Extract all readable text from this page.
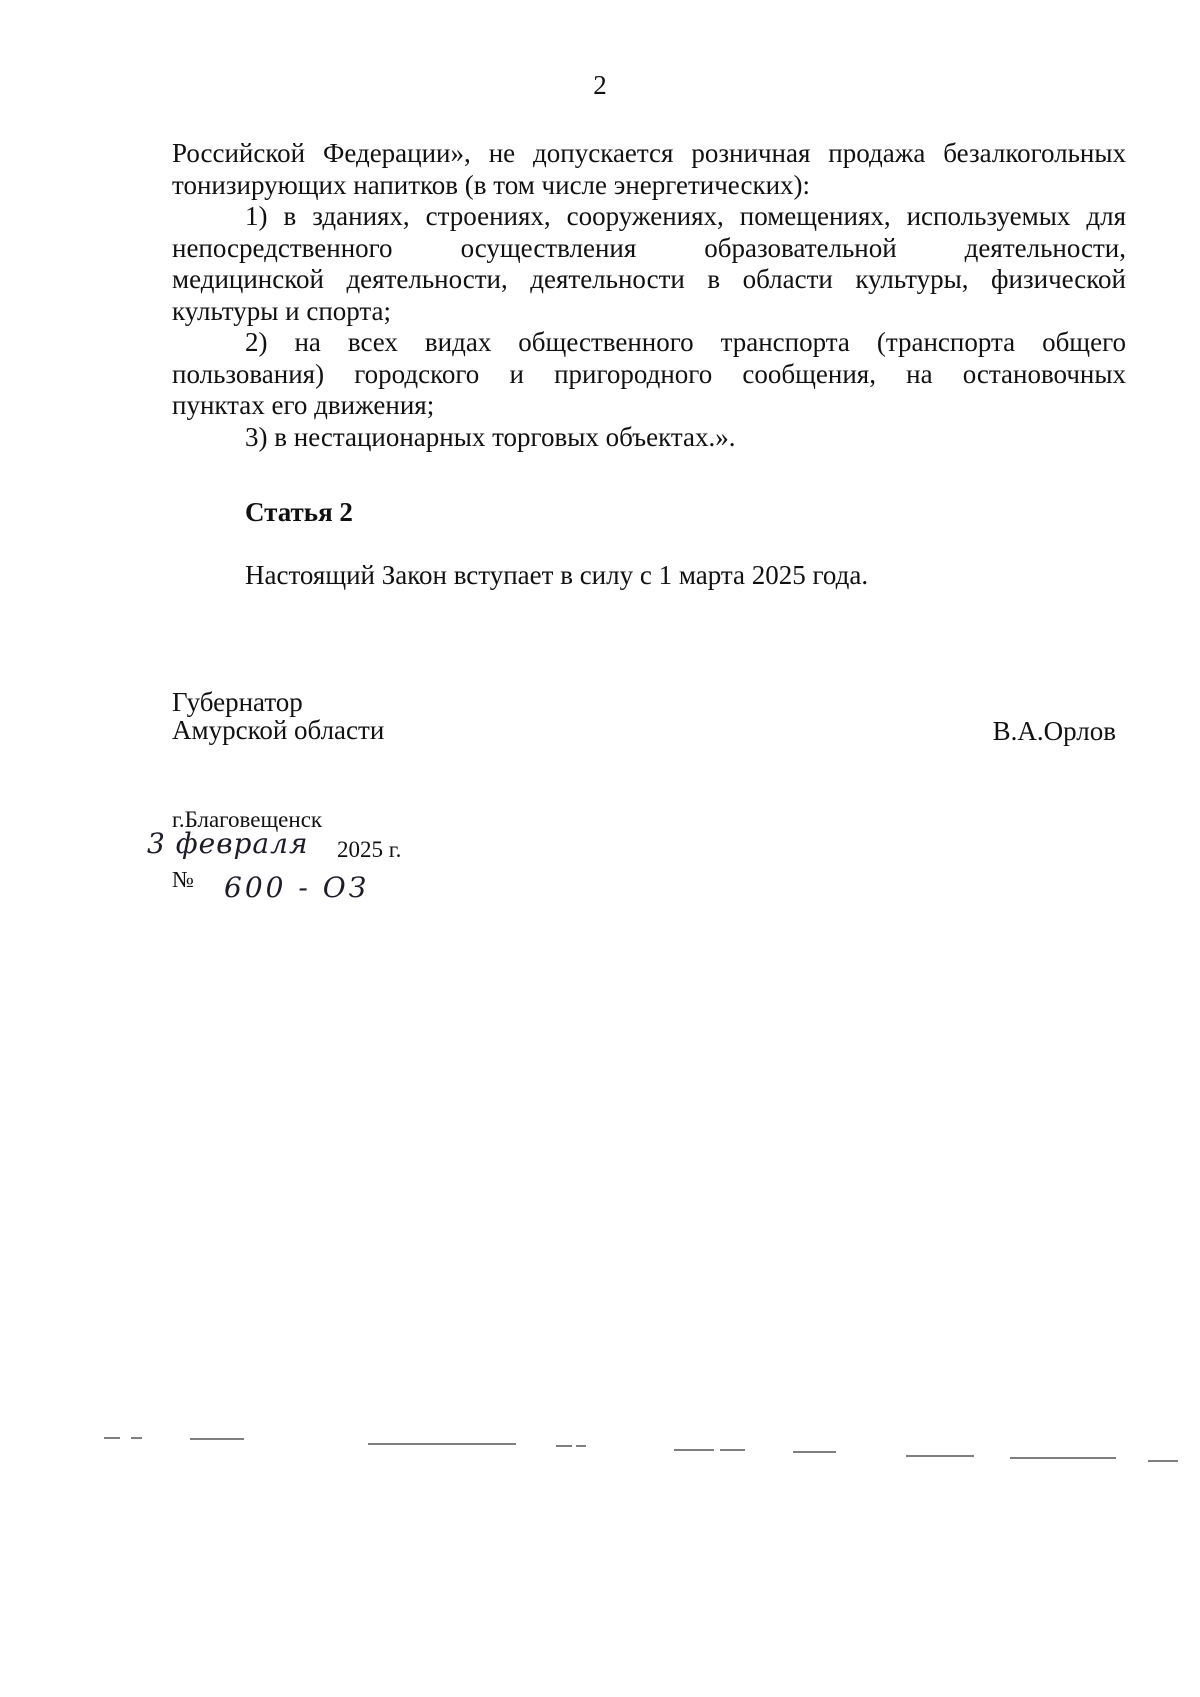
2

Российской Федерации», не допускается розничная продажа безалкогольных

тонизирующих напитков (в том числе энергетических):

1) в зданиях, строениях, сооружениях, помещениях, используемых для

непосредственного осуществления образовательной деятельности,

медицинской деятельности, деятельности в области культуры, физической

культуры и спорта;

2) на всех видах общественного транспорта (транспорта общего

пользования) городского и пригородного сообщения, на остановочных

пунктах его движения;

3) в нестационарных торговых объектах.».

Статья 2
Настоящий Закон вступает в силу с 1 марта 2025 года.
Губернатор
Амурской области	В.А.Орлов
г.Благовещенск
3 февраля 2025 г.
№ 600 - ОЗ
